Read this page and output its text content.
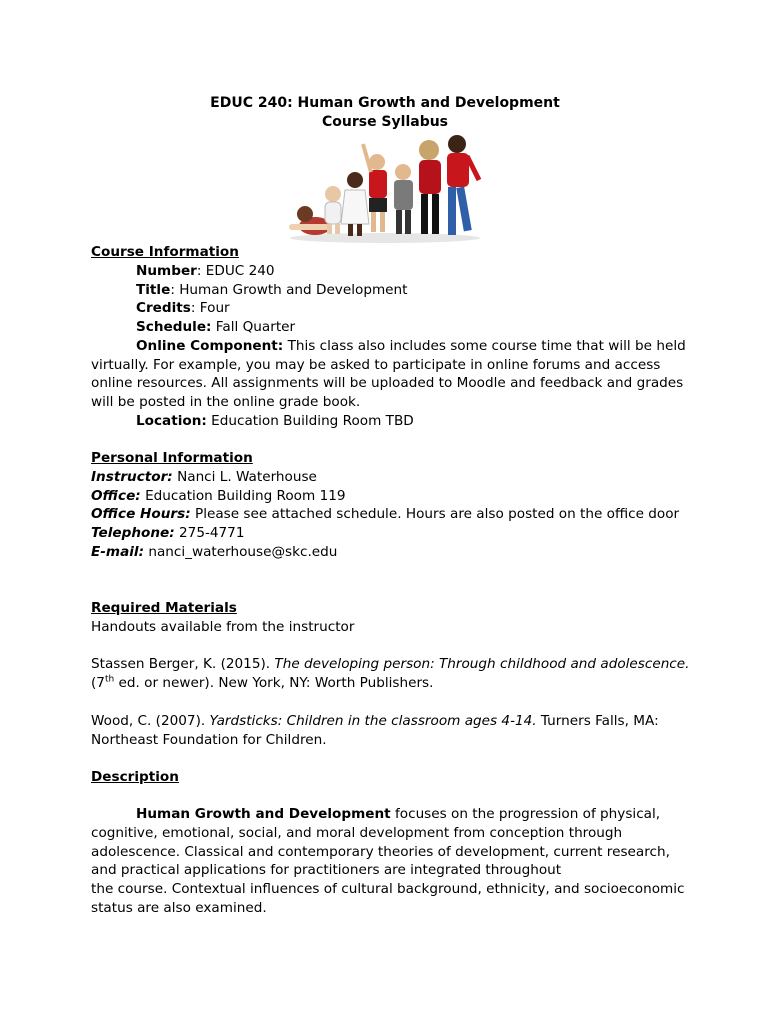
EDUC 240: Human Growth and Development
Course Syllabus
Course Information
Number: EDUC 240
Title: Human Growth and Development
Credits: Four
Schedule: Fall Quarter
Online Component: This class also includes some course time that will be held
virtually. For example, you may be asked to participate in online forums and access
online resources. All assignments will be uploaded to Moodle and feedback and grades
will be posted in the online grade book.
Location: Education Building Room TBD
Personal Information
Instructor: Nanci L. Waterhouse
Office: Education Building Room 119
Office Hours: Please see attached schedule. Hours are also posted on the office door
Telephone: 275-4771
E-mail: nanci_waterhouse@skc.edu
Required Materials
Handouts available from the instructor
Stassen Berger, K. (2015). The developing person: Through childhood and adolescence.
(7th ed. or newer). New York, NY: Worth Publishers.
Wood, C. (2007). Yardsticks: Children in the classroom ages 4-14. Turners Falls, MA:
Northeast Foundation for Children.
Description
Human Growth and Development focuses on the progression of physical,
cognitive, emotional, social, and moral development from conception through
adolescence. Classical and contemporary theories of development, current research,
and practical applications for practitioners are integrated throughout
the course. Contextual influences of cultural background, ethnicity, and socioeconomic
status are also examined.
